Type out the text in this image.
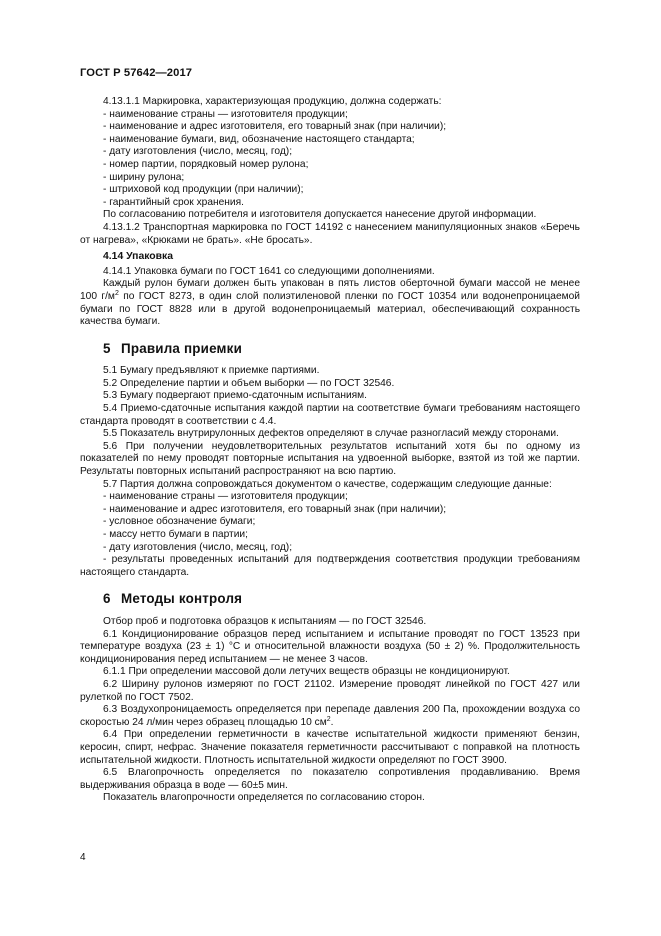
ГОСТ Р 57642—2017

4.13.1.1 Маркировка, характеризующая продукцию, должна содержать:

- наименование страны — изготовителя продукции;

- наименование и адрес изготовителя, его товарный знак (при наличии);

- наименование бумаги, вид, обозначение настоящего стандарта;

- дату изготовления (число, месяц, год);

- номер партии, порядковый номер рулона;

- ширину рулона;

- штриховой код продукции (при наличии);

- гарантийный срок хранения.

По согласованию потребителя и изготовителя допускается нанесение другой информации.

4.13.1.2 Транспортная маркировка по ГОСТ 14192 с нанесением манипуляционных знаков «Беречь от нагрева», «Крюками не брать». «Не бросать».

4.14 Упаковка

4.14.1 Упаковка бумаги по ГОСТ 1641 со следующими дополнениями.

Каждый рулон бумаги должен быть упакован в пять листов оберточной бумаги массой не менее 100 $г/м^2$ по ГОСТ 8273, в один слой полиэтиленовой пленки по ГОСТ 10354 или водонепроницаемой бумаги по ГОСТ 8828 или в другой водонепроницаемый материал, обеспечивающий сохранность качества бумаги.

5 Правила приемки

5.1 Бумагу предъявляют к приемке партиями.

5.2 Определение партии и объем выборки — по ГОСТ 32546.

5.3 Бумагу подвергают приемо-сдаточным испытаниям.

5.4 Приемо-сдаточные испытания каждой партии на соответствие бумаги требованиям настоящего стандарта проводят в соответствии с 4.4.

5.5 Показатель внутрирулонных дефектов определяют в случае разногласий между сторонами.

5.6 При получении неудовлетворительных результатов испытаний хотя бы по одному из показателей по нему проводят повторные испытания на удвоенной выборке, взятой из той же партии. Результаты повторных испытаний распространяют на всю партию.

5.7 Партия должна сопровождаться документом о качестве, содержащим следующие данные:

- наименование страны — изготовителя продукции;

- наименование и адрес изготовителя, его товарный знак (при наличии);

- условное обозначение бумаги;

- массу нетто бумаги в партии;

- дату изготовления (число, месяц, год);

- результаты проведенных испытаний для подтверждения соответствия продукции требованиям настоящего стандарта.

6 Методы контроля

Отбор проб и подготовка образцов к испытаниям — по ГОСТ 32546.

6.1 Кондиционирование образцов перед испытанием и испытание проводят по ГОСТ 13523 при температуре воздуха (23 ± 1) °С и относительной влажности воздуха (50 ± 2) %. Продолжительность кондиционирования перед испытанием — не менее 3 часов.

6.1.1 При определении массовой доли летучих веществ образцы не кондиционируют.

6.2 Ширину рулонов измеряют по ГОСТ 21102. Измерение проводят линейкой по ГОСТ 427 или рулеткой по ГОСТ 7502.

6.3 Воздухопроницаемость определяется при перепаде давления 200 Па, прохождении воздуха со скоростью 24 л/мин через образец площадью 10 $см^2$.

6.4 При определении герметичности в качестве испытательной жидкости применяют бензин, керосин, спирт, нефрас. Значение показателя герметичности рассчитывают с поправкой на плотность испытательной жидкости. Плотность испытательной жидкости определяют по ГОСТ 3900.

6.5 Влагопрочность определяется по показателю сопротивления продавливанию. Время выдерживания образца в воде — 60±5 мин.

Показатель влагопрочности определяется по согласованию сторон.

4
